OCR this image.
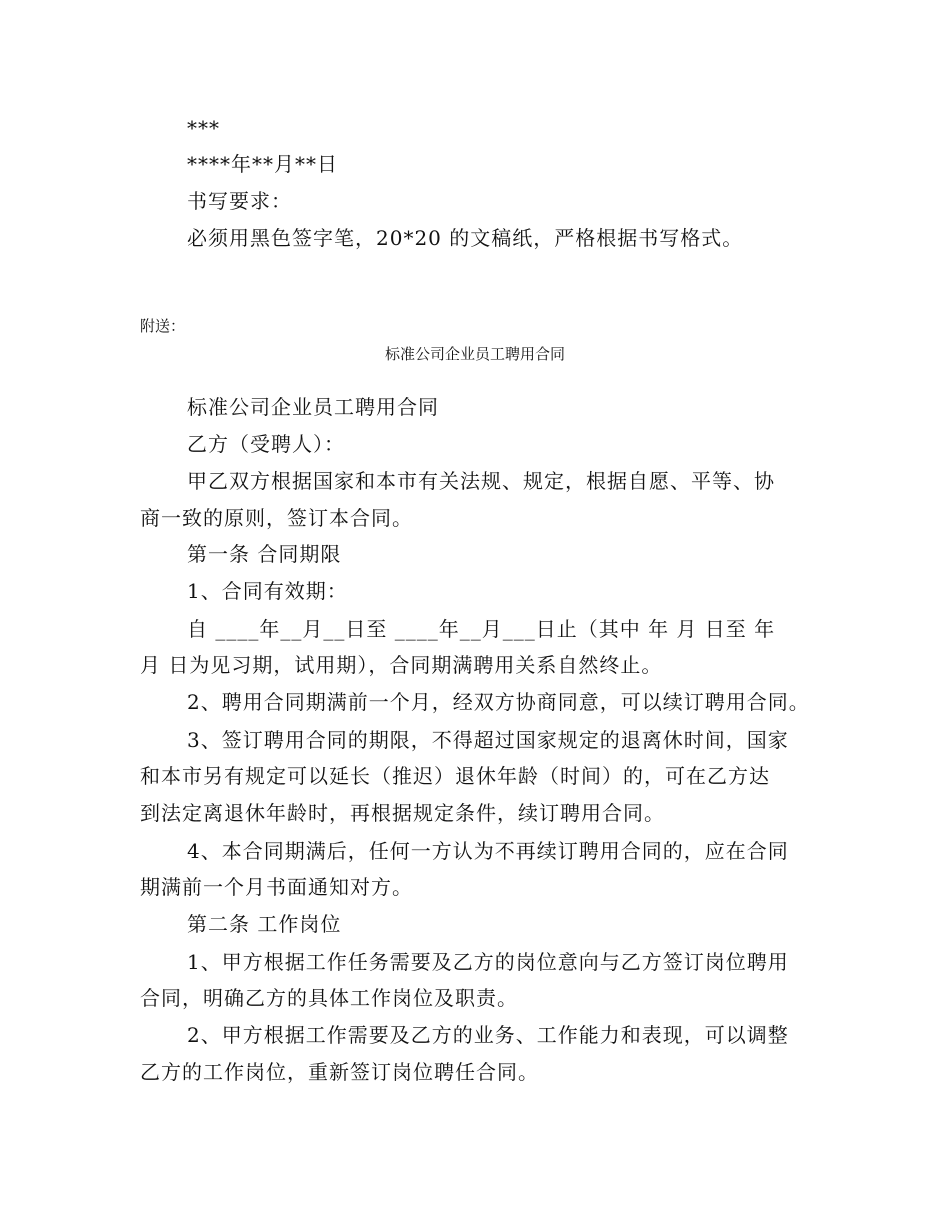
***
****年**月**日
书写要求：
必须用黑色签字笔，20*20 的文稿纸，严格根据书写格式。
附送：
标准公司企业员工聘用合同
标准公司企业员工聘用合同
乙方（受聘人）：
甲乙双方根据国家和本市有关法规、规定，根据自愿、平等、协
商一致的原则，签订本合同。
第一条 合同期限
1、合同有效期：
自 ____年__月__日至 ____年__月___日止（其中 年 月 日至 年
月 日为见习期，试用期），合同期满聘用关系自然终止。
2、聘用合同期满前一个月，经双方协商同意，可以续订聘用合同。
3、签订聘用合同的期限，不得超过国家规定的退离休时间，国家
和本市另有规定可以延长（推迟）退休年龄（时间）的，可在乙方达
到法定离退休年龄时，再根据规定条件，续订聘用合同。
4、本合同期满后，任何一方认为不再续订聘用合同的，应在合同
期满前一个月书面通知对方。
第二条 工作岗位
1、甲方根据工作任务需要及乙方的岗位意向与乙方签订岗位聘用
合同，明确乙方的具体工作岗位及职责。
2、甲方根据工作需要及乙方的业务、工作能力和表现，可以调整
乙方的工作岗位，重新签订岗位聘任合同。
